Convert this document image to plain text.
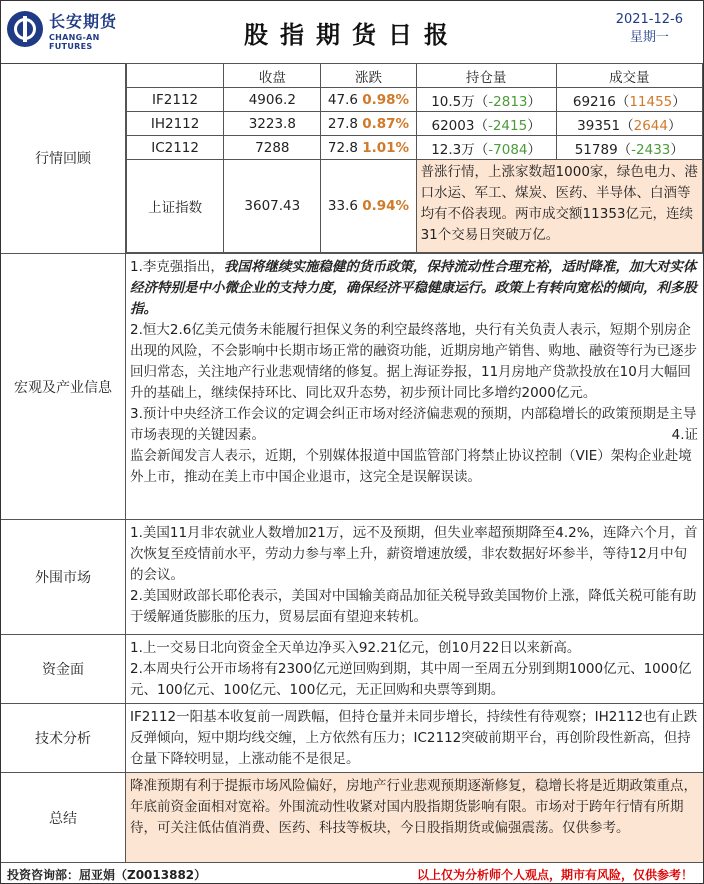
长安期货
CHANG-AN FUTURES	股指期货日报
2021-12-6
星期一
行情回顾
	收盘	涨跌	持仓量	成交量
IF2112	4906.2	47.6 0.98%	10.5万（-2813）	69216（11455）
IH2112	3223.8	27.8 0.87%	62003（-2415）	39351（2644）
IC2112	7288	72.8 1.01%	12.3万（-7084）	51789（-2433）
上证指数	3607.43	33.6 0.94%	普涨行情，上涨家数超1000家，绿色电力、港口水运、军工、煤炭、医药、半导体、白酒等均有不俗表现。两市成交额11353亿元，连续31个交易日突破万亿。	
宏观及产业信息
1.李克强指出，我国将继续实施稳健的货币政策，保持流动性合理充裕，适时降准，加大对实体经济特别是中小微企业的支持力度，确保经济平稳健康运行。政策上有转向宽松的倾向，利多股指。
2.恒大2.6亿美元债务未能履行担保义务的利空最终落地，央行有关负责人表示，短期个别房企出现的风险，不会影响中长期市场正常的融资功能，近期房地产销售、购地、融资等行为已逐步回归常态，关注地产行业悲观情绪的修复。据上海证券报，11月房地产贷款投放在10月大幅回升的基础上，继续保持环比、同比双升态势，初步预计同比多增约2000亿元。
3.预计中央经济工作会议的定调会纠正市场对经济偏悲观的预期，内部稳增长的政策预期是主导市场表现的关键因素。	4.证
监会新闻发言人表示，近期，个别媒体报道中国监管部门将禁止协议控制（VIE）架构企业赴境外上市，推动在美上市中国企业退市，这完全是误解误读。
外围市场
1.美国11月非农就业人数增加21万，远不及预期，但失业率超预期降至4.2%，连降六个月，首次恢复至疫情前水平，劳动力参与率上升，薪资增速放缓，非农数据好坏参半，等待12月中旬的会议。
2.美国财政部长耶伦表示，美国对中国输美商品加征关税导致美国物价上涨，降低关税可能有助于缓解通货膨胀的压力，贸易层面有望迎来转机。
资金面
1.上一交易日北向资金全天单边净买入92.21亿元，创10月22日以来新高。
2.本周央行公开市场将有2300亿元逆回购到期，其中周一至周五分别到期1000亿元、1000亿元、100亿元、100亿元、100亿元，无正回购和央票等到期。
技术分析
IF2112一阳基本收复前一周跌幅，但持仓量并未同步增长，持续性有待观察；IH2112也有止跌反弹倾向，短中期均线交缠，上方依然有压力；IC2112突破前期平台，再创阶段性新高，但持仓量下降较明显，上涨动能不是很足。
总结
降准预期有利于提振市场风险偏好，房地产行业悲观预期逐渐修复，稳增长将是近期政策重点，年底前资金面相对宽裕。外围流动性收紧对国内股指期货影响有限。市场对于跨年行情有所期待，可关注低估值消费、医药、科技等板块，今日股指期货或偏强震荡。仅供参考。
投资咨询部：屈亚娟（Z0013882）	以上仅为分析师个人观点，期市有风险，仅供参考！
